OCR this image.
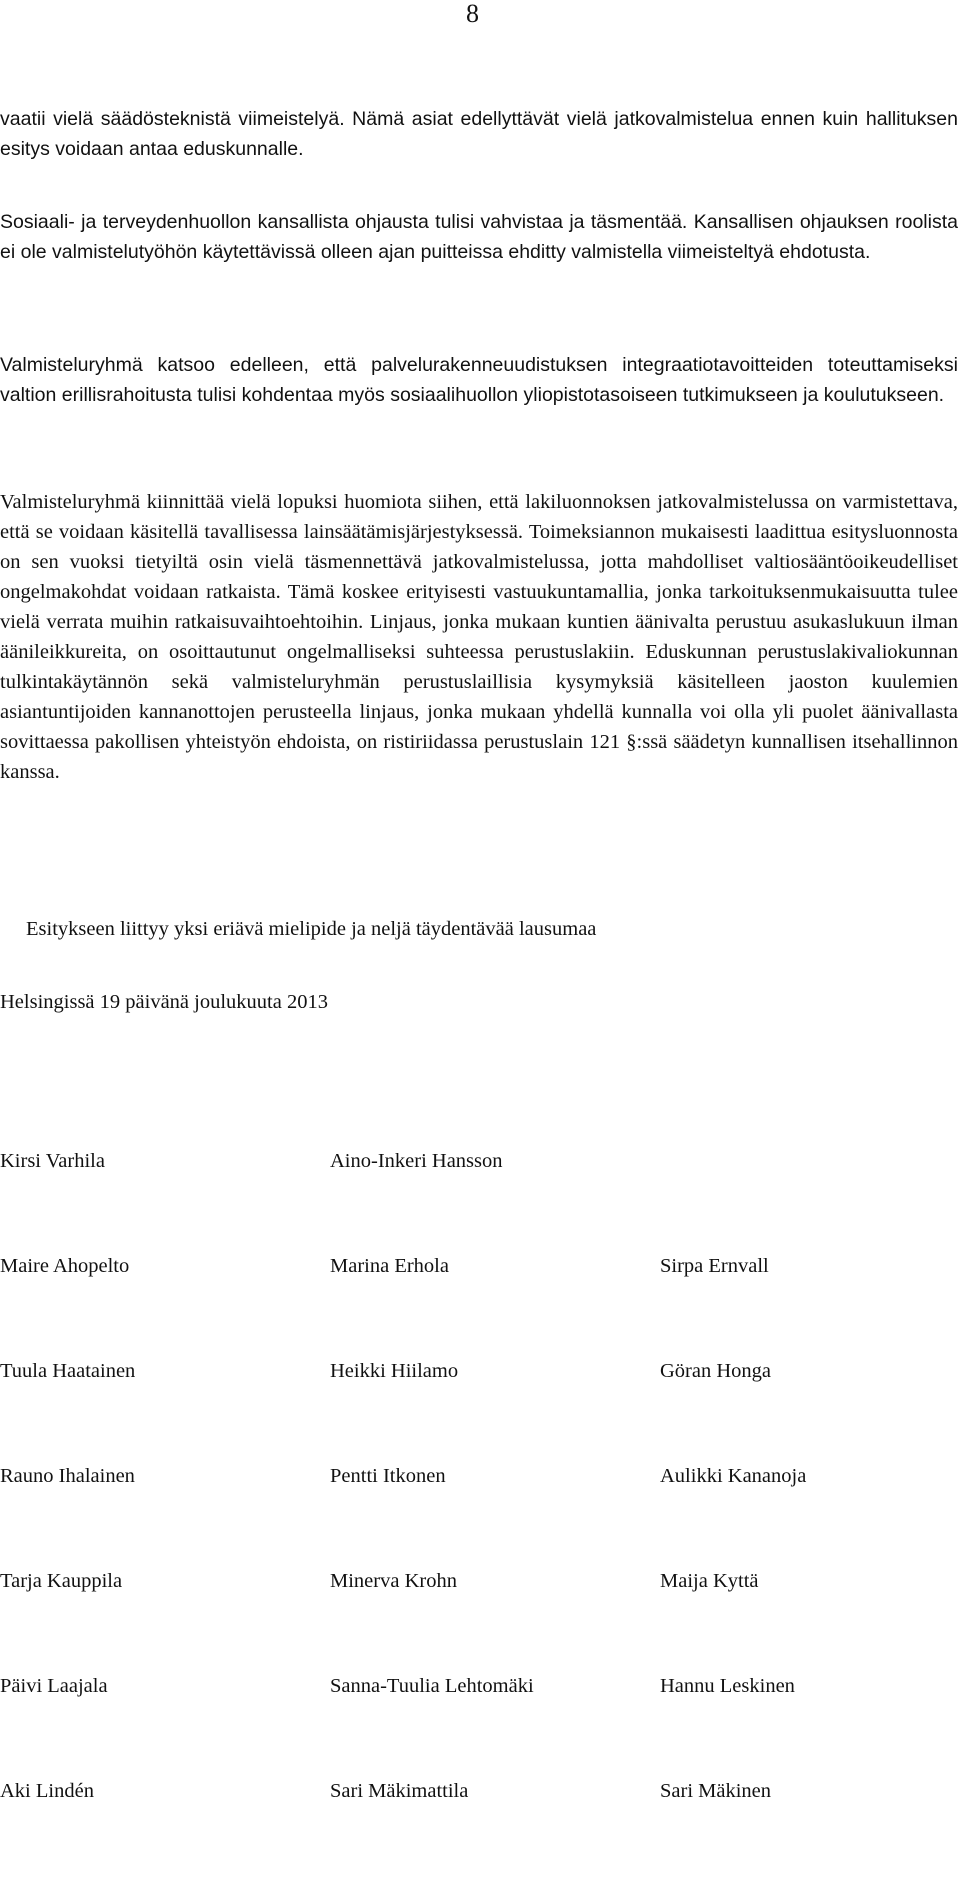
8

vaatii vielä säädösteknistä viimeistelyä. Nämä asiat edellyttävät vielä jatkovalmistelua ennen kuin hallituksen esitys voidaan antaa eduskunnalle.

Sosiaali- ja terveydenhuollon kansallista ohjausta tulisi vahvistaa ja täsmentää. Kansallisen ohjauksen roolista ei ole valmistelutyöhön käytettävissä olleen ajan puitteissa ehditty valmistella viimeisteltyä ehdotusta.

Valmisteluryhmä katsoo edelleen, että palvelurakenneuudistuksen integraatiotavoitteiden toteuttamiseksi valtion erillisrahoitusta tulisi kohdentaa myös sosiaalihuollon yliopistotasoiseen tutkimukseen ja koulutukseen.

Valmisteluryhmä kiinnittää vielä lopuksi huomiota siihen, että lakiluonnoksen jatkovalmistelussa on varmistettava, että se voidaan käsitellä tavallisessa lainsäätämisjärjestyksessä. Toimeksiannon mukaisesti laadittua esitysluonnosta on sen vuoksi tietyiltä osin vielä täsmennettävä jatkovalmistelussa, jotta mahdolliset valtiosääntöoikeudelliset ongelmakohdat voidaan ratkaista. Tämä koskee erityisesti vastuukuntamallia, jonka tarkoituksenmukaisuutta tulee vielä verrata muihin ratkaisuvaihtoehtoihin. Linjaus, jonka mukaan kuntien äänivalta perustuu asukaslukuun ilman äänileikkureita, on osoittautunut ongelmalliseksi suhteessa perustuslakiin. Eduskunnan perustuslakivaliokunnan tulkintakäytännön sekä valmisteluryhmän perustuslaillisia kysymyksiä käsitelleen jaoston kuulemien asiantuntijoiden kannanottojen perusteella linjaus, jonka mukaan yhdellä kunnalla voi olla yli puolet äänivallasta sovittaessa pakollisen yhteistyön ehdoista, on ristiriidassa perustuslain 121 §:ssä säädetyn kunnallisen itsehallinnon kanssa.

Esitykseen liittyy yksi eriävä mielipide ja neljä täydentävää lausumaa

Helsingissä 19 päivänä joulukuuta 2013

Kirsi Varhila	Aino-Inkeri Hansson
Maire Ahopelto	Marina Erhola	Sirpa Ernvall
Tuula Haatainen	Heikki Hiilamo	Göran Honga
Rauno Ihalainen	Pentti Itkonen	Aulikki Kananoja
Tarja Kauppila	Minerva Krohn	Maija Kyttä
Päivi Laajala	Sanna-Tuulia Lehtomäki	Hannu Leskinen
Aki Lindén	Sari Mäkimattila	Sari Mäkinen
